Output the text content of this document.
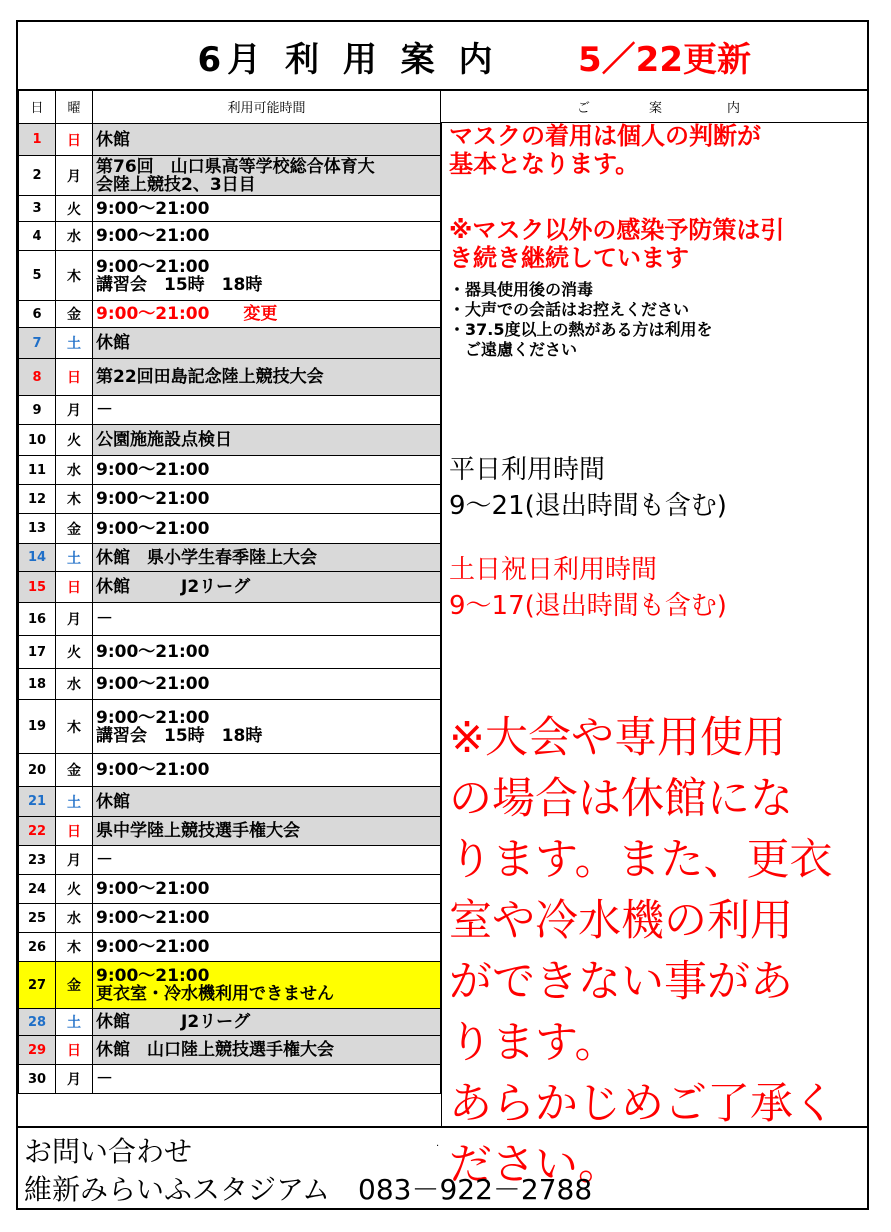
6月 利 用 案 内	5／22更新
日	曜	利用可能時間
1	日	休館

2	月	第76回　山口県高等学校総合体育大
会陸上競技2、3日目

3	火	9:00～21:00

4	水	9:00～21:00

5	木	9:00～21:00
講習会　15時　18時

6	金	9:00～21:00　　変更

7	土	休館

8	日	第22回田島記念陸上競技大会

9	月	－

10	火	公園施施設点検日

11	水	9:00～21:00

12	木	9:00～21:00

13	金	9:00～21:00

14	土	休館　県小学生春季陸上大会

15	日	休館　　　J2リーグ

16	月	－

17	火	9:00～21:00

18	水	9:00～21:00

19	木	9:00～21:00
講習会　15時　18時

20	金	9:00～21:00

21	土	休館

22	日	県中学陸上競技選手権大会

23	月	－

24	火	9:00～21:00

25	水	9:00～21:00

26	木	9:00～21:00

27	金	9:00～21:00
更衣室・冷水機利用できません

28	土	休館　　　J2リーグ

29	日	休館　山口陸上競技選手権大会

30	月	－
ご	案	内
マスクの着用は個人の判断が
基本となります。
※マスク以外の感染予防策は引
き続き継続しています
・器具使用後の消毒
・大声での会話はお控えください
・37.5度以上の熱がある方は利用を
　ご遠慮ください
平日利用時間
9～21(退出時間も含む)
土日祝日利用時間
9～17(退出時間も含む)
※大会や専用使用
の場合は休館にな
ります。また、更衣
室や冷水機の利用
ができない事があ
ります。
あらかじめご了承く
ださい。
お問い合わせ	.
維新みらいふスタジアム　083－922－2788
